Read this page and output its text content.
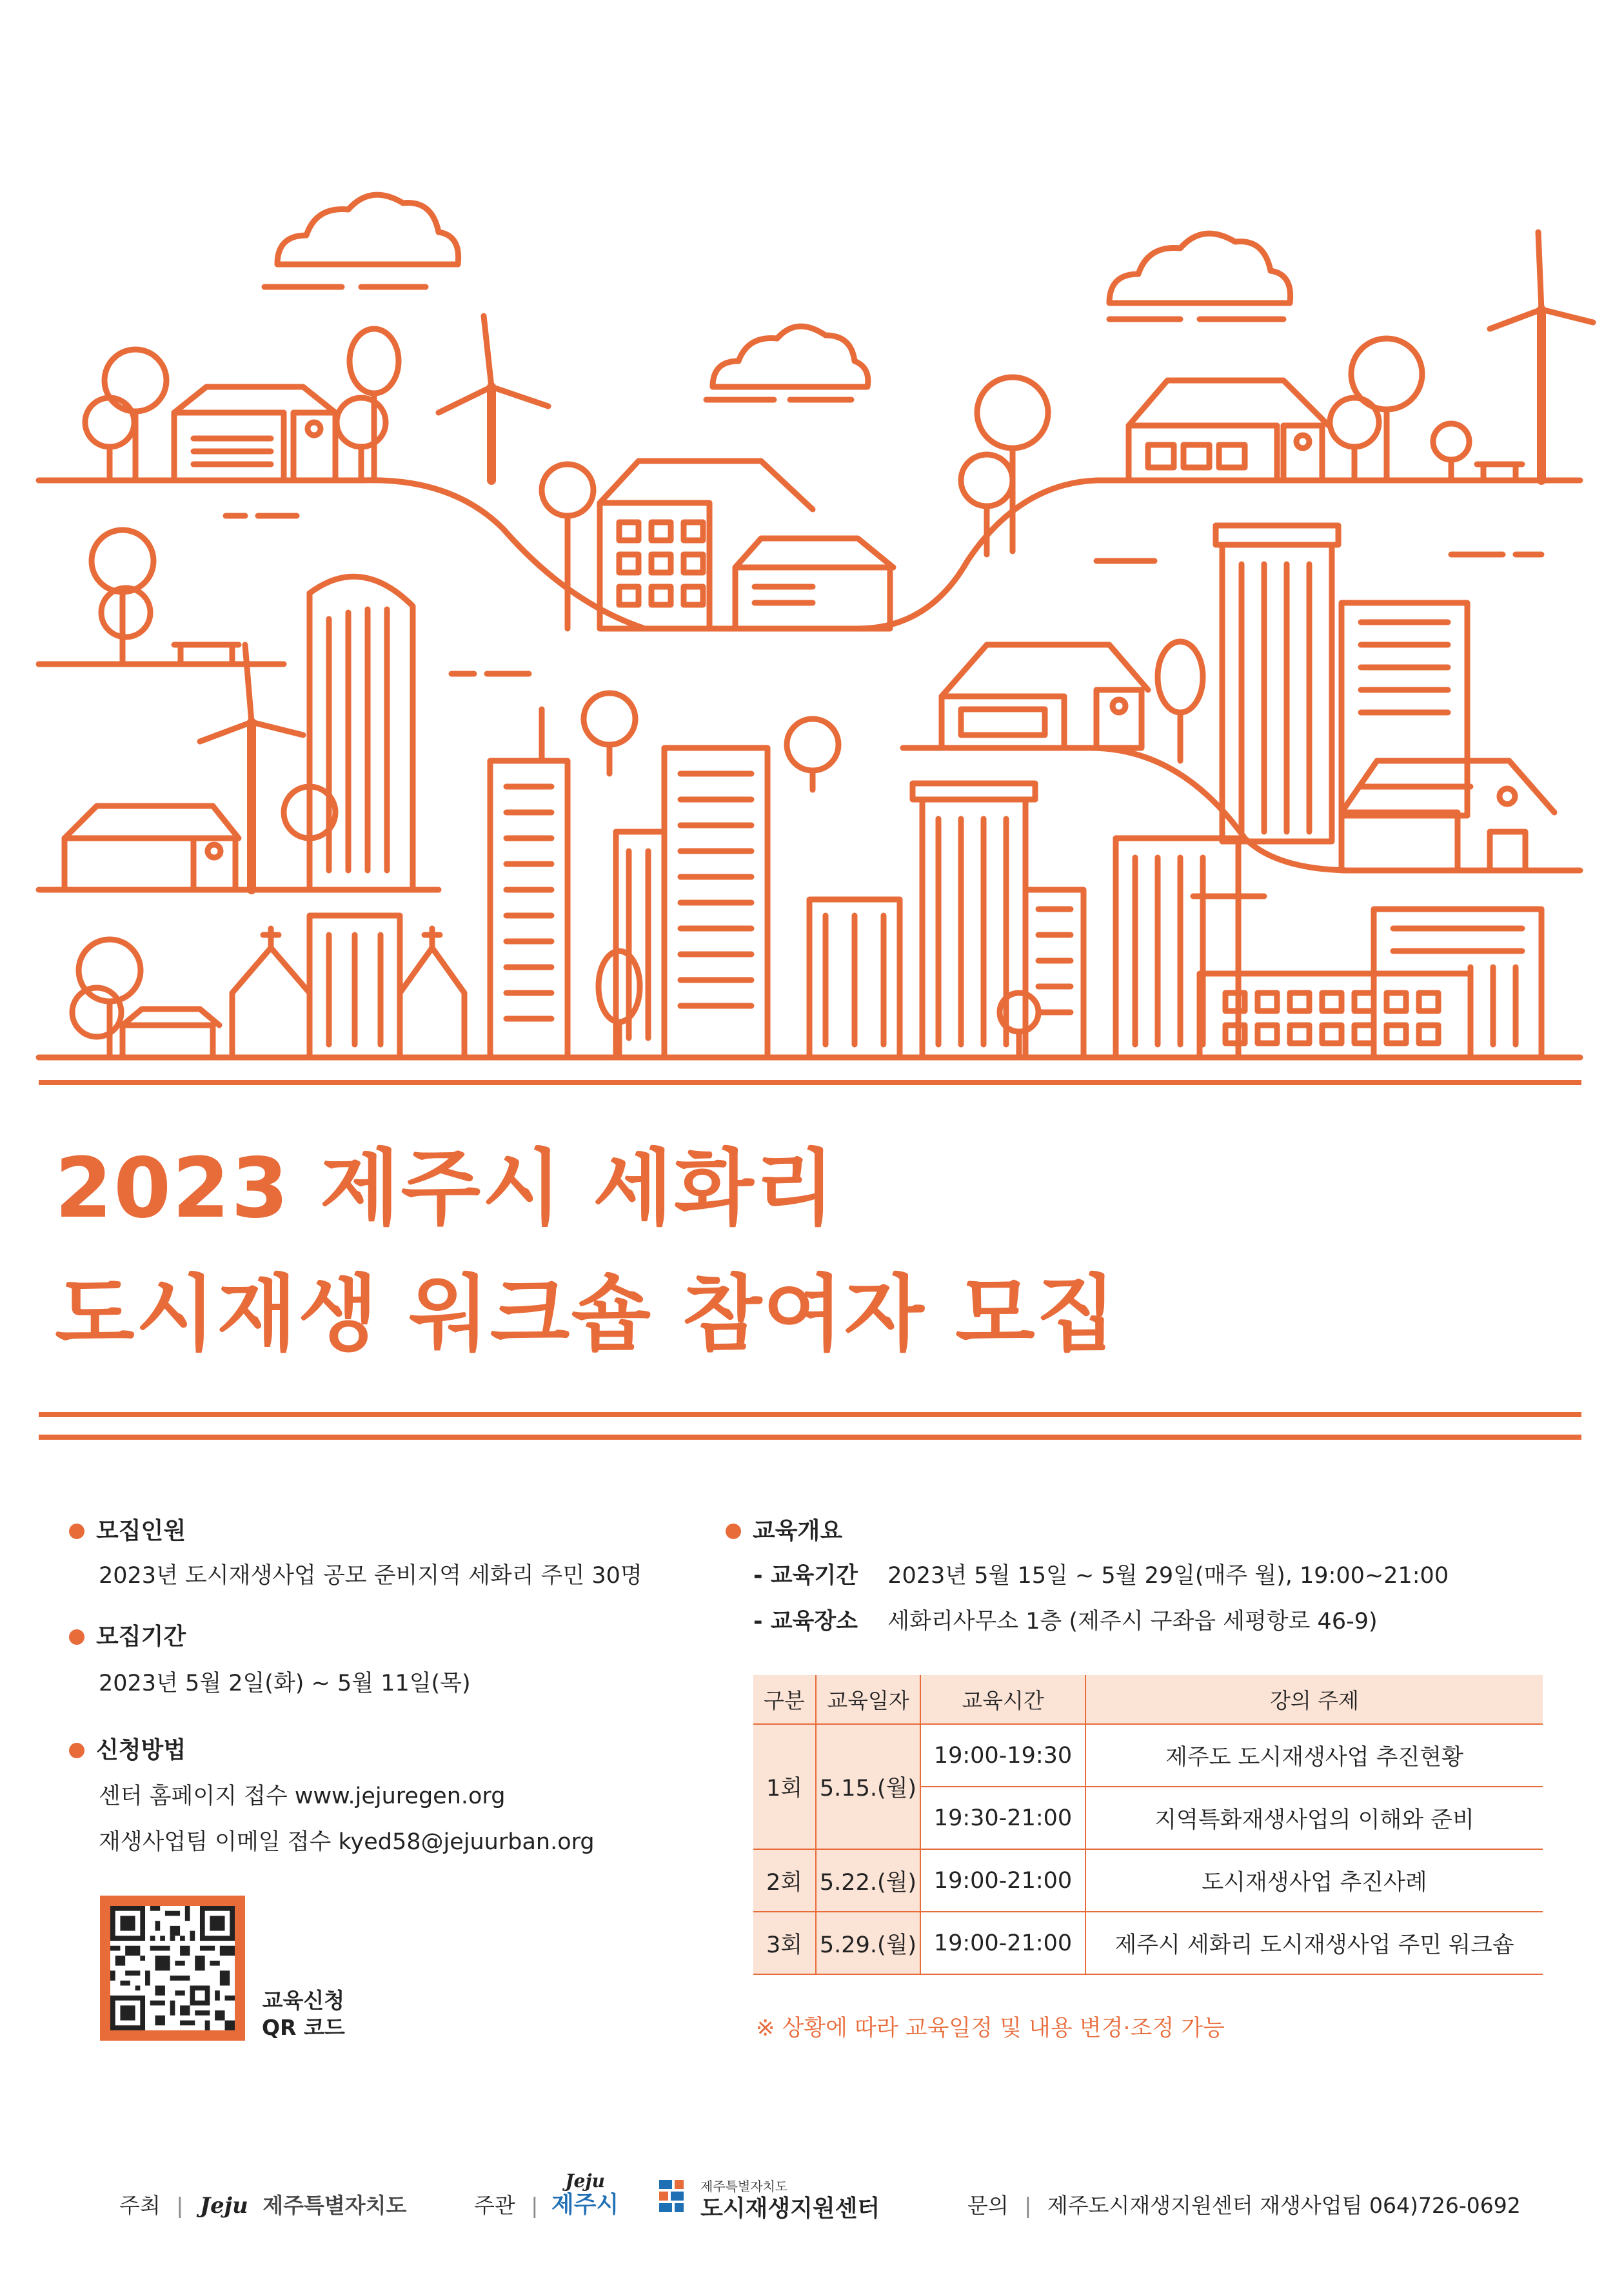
2023 제주시 세화리
도시재생 워크숍 참여자 모집
모집인원
2023년 도시재생사업 공모 준비지역 세화리 주민 30명
모집기간
2023년 5월 2일(화) ~ 5월 11일(목)
신청방법
센터 홈페이지 접수 www.jejuregen.org
재생사업팀 이메일 접수 kyed58@jejuurban.org
교육신청
QR 코드
교육개요
- 교육기간 2023년 5월 15일 ~ 5월 29일(매주 월), 19:00~21:00
- 교육장소 세화리사무소 1층 (제주시 구좌읍 세평항로 46-9)
구분	교육일자	교육시간	강의 주제
1회	5.15.(월)	19:00-19:30	제주도 도시재생사업 추진현황
		19:30-21:00	지역특화재생사업의 이해와 준비
2회	5.22.(월)	19:00-21:00	도시재생사업 추진사례
3회	5.29.(월)	19:00-21:00	제주시 세화리 도시재생사업 주민 워크숍
※ 상황에 따라 교육일정 및 내용 변경·조정 가능
주최 | Jeju 제주특별자치도	주관 |
Jeju
제주시
제주특별자치도
도시재생지원센터	문의 | 제주도시재생지원센터 재생사업팀 064)726-0692
